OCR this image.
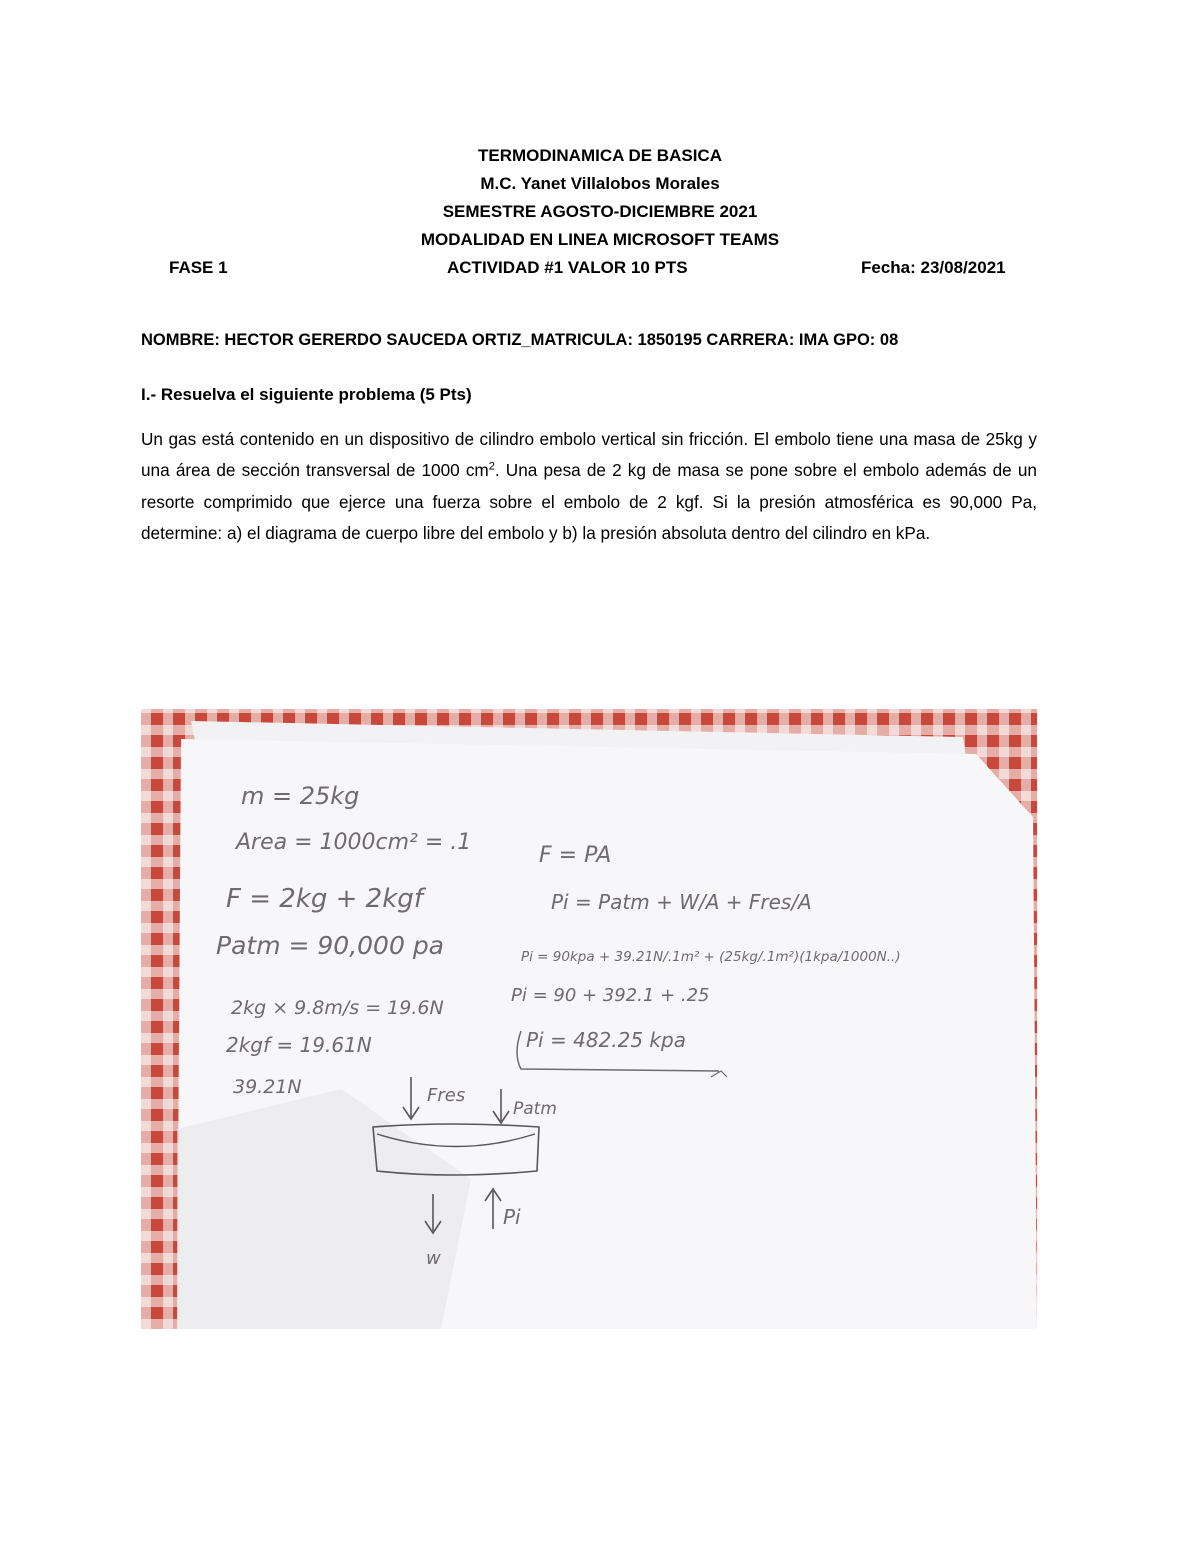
TERMODINAMICA DE BASICA
M.C. Yanet Villalobos Morales
SEMESTRE AGOSTO-DICIEMBRE 2021
MODALIDAD EN LINEA MICROSOFT TEAMS
FASE 1	ACTIVIDAD #1 VALOR 10 PTS	Fecha: 23/08/2021
NOMBRE: HECTOR GERERDO SAUCEDA ORTIZ_MATRICULA: 1850195 CARRERA: IMA GPO: 08
I.- Resuelva el siguiente problema (5 Pts)
Un gas está contenido en un dispositivo de cilindro embolo vertical sin fricción. El embolo tiene una masa de 25kg y una área de sección transversal de 1000 $cm^2$. Una pesa de 2 kg de masa se pone sobre el embolo además de un resorte comprimido que ejerce una fuerza sobre el embolo de 2 kgf. Si la presión atmosférica es 90,000 Pa, determine: a) el diagrama de cuerpo libre del embolo y b) la presión absoluta dentro del cilindro en kPa.
m = 25kg
Area = 1000cm² = .1
F = 2kg + 2kgf
Patm = 90,000 pa
2kg × 9.8m/s = 19.6N
2kgf = 19.61N
39.21N
F = PA
Pi = Patm + W/A + Fres/A
Pi = 90kpa + 39.21N/.1m² + (25kg/.1m²)(1kpa/1000N..)
Pi = 90 + 392.1 + .25
Pi = 482.25 kpa
Fres
Patm
w
Pi
